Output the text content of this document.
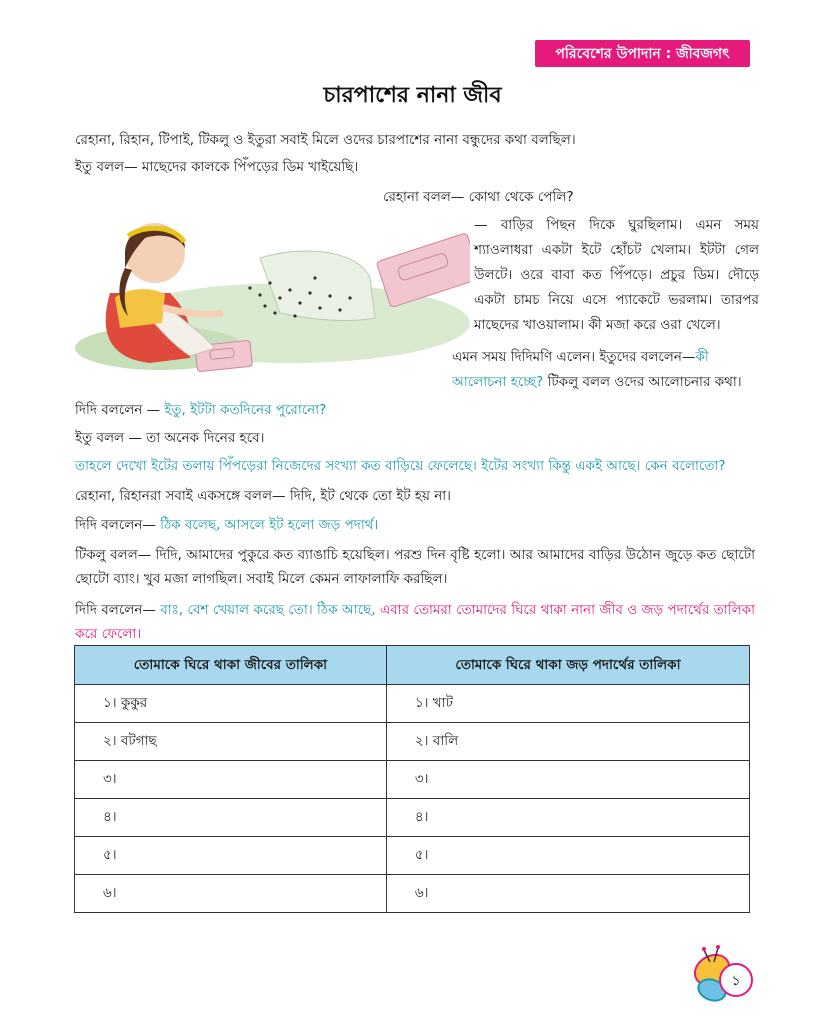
পরিবেশের উপাদান : জীবজগৎ
চারপাশের নানা জীব
রেহানা, রিহান, টিপাই, টিকলু ও ইতুরা সবাই মিলে ওদের চারপাশের নানা বন্ধুদের কথা বলছিল।
ইতু বলল— মাছেদের কালকে পিঁপড়ের ডিম খাইয়েছি।
রেহানা বলল— কোথা থেকে পেলি?
— বাড়ির পিছন দিকে ঘুরছিলাম। এমন সময় শ্যাওলাধরা একটা ইটে হোঁচট খেলাম। ইটটা গেল উলটে। ওরে বাবা কত পিঁপড়ে। প্রচুর ডিম। দৌড়ে একটা চামচ নিয়ে এসে প্যাকেটে ভরলাম। তারপর মাছেদের খাওয়ালাম। কী মজা করে ওরা খেলে।
এমন সময় দিদিমণি এলেন। ইতুদের বললেন—কী
আলোচনা হচ্ছে? টিকলু বলল ওদের আলোচনার কথা।
দিদি বললেন — ইতু, ইটটা কতদিনের পুরোনো?
ইতু বলল — তা অনেক দিনের হবে।
তাহলে দেখো ইটের তলায় পিঁপড়েরা নিজেদের সংখ্যা কত বাড়িয়ে ফেলেছে। ইটের সংখ্যা কিন্তু একই আছে। কেন বলোতো?
রেহানা, রিহানরা সবাই একসঙ্গে বলল— দিদি, ইট থেকে তো ইট হয় না।
দিদি বললেন— ঠিক বলেছ, আসলে ইট হলো জড় পদার্থ।
টিকলু বলল— দিদি, আমাদের পুকুরে কত ব্যাঙাচি হয়েছিল। পরশু দিন বৃষ্টি হলো। আর আমাদের বাড়ির উঠোন জুড়ে কত ছোটো ছোটো ব্যাং। খুব মজা লাগছিল। সবাই মিলে কেমন লাফালাফি করছিল।
দিদি বললেন— বাঃ, বেশ খেয়াল করেছ তো। ঠিক আছে, এবার তোমরা তোমাদের ঘিরে থাকা নানা জীব ও জড় পদার্থের তালিকা করে ফেলো।
তোমাকে ঘিরে থাকা জীবের তালিকা	তোমাকে ঘিরে থাকা জড় পদার্থের তালিকা
১। কুকুর	১। খাট
২। বটগাছ	২। বালি
৩।	৩।
৪।	৪।
৫।	৫।
৬।	৬।
১
